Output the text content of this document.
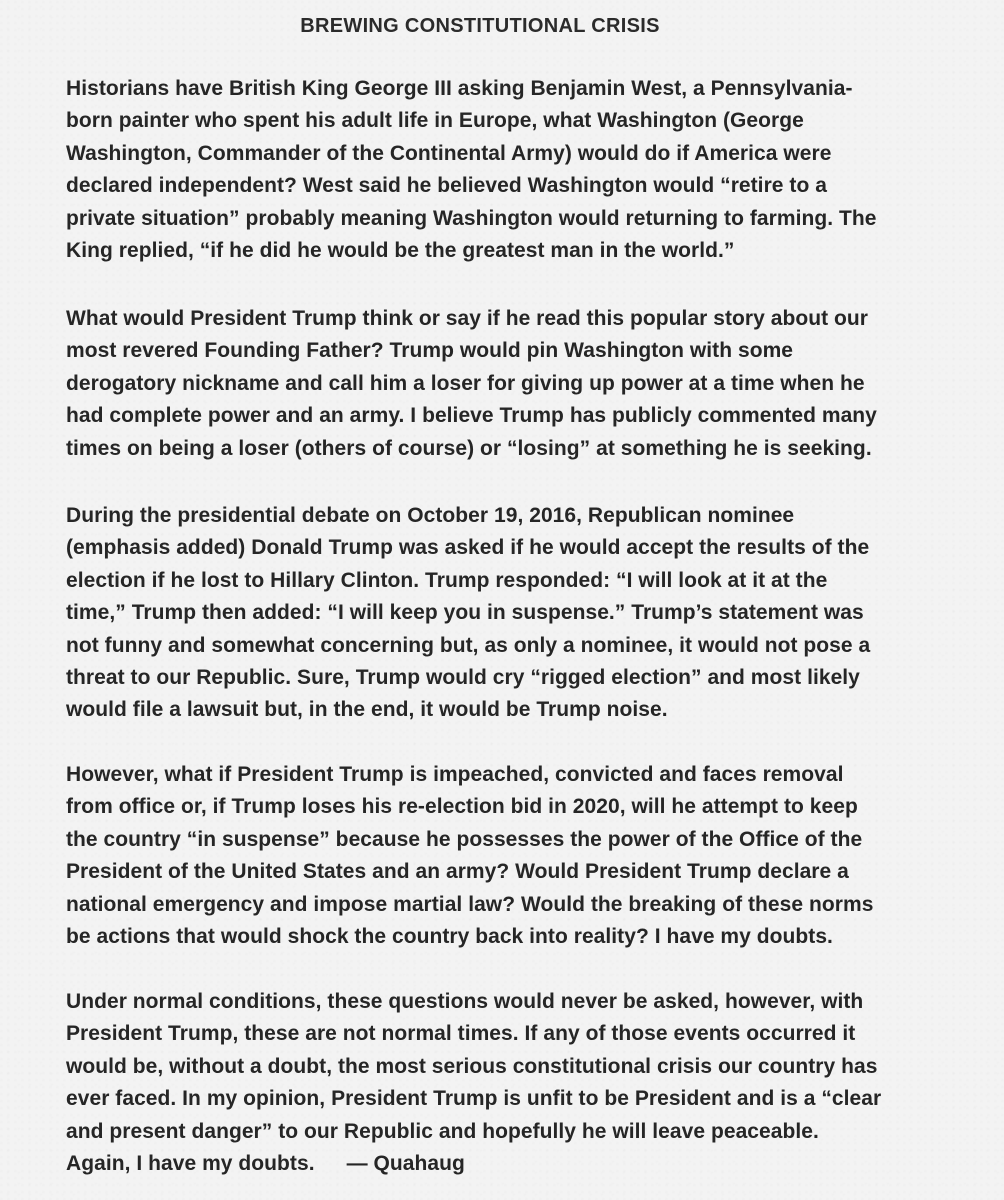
BREWING CONSTITUTIONAL CRISIS

Historians have British King George III asking Benjamin West, a Pennsylvania-
born painter who spent his adult life in Europe, what Washington (George
Washington, Commander of the Continental Army) would do if America were
declared independent? West said he believed Washington would “retire to a
private situation” probably meaning Washington would returning to farming. The
King replied, “if he did he would be the greatest man in the world.”

What would President Trump think or say if he read this popular story about our
most revered Founding Father? Trump would pin Washington with some
derogatory nickname and call him a loser for giving up power at a time when he
had complete power and an army. I believe Trump has publicly commented many
times on being a loser (others of course) or “losing” at something he is seeking.

During the presidential debate on October 19, 2016, Republican nominee
(emphasis added) Donald Trump was asked if he would accept the results of the
election if he lost to Hillary Clinton. Trump responded: “I will look at it at the
time,” Trump then added: “I will keep you in suspense.” Trump’s statement was
not funny and somewhat concerning but, as only a nominee, it would not pose a
threat to our Republic. Sure, Trump would cry “rigged election” and most likely
would file a lawsuit but, in the end, it would be Trump noise.

However, what if President Trump is impeached, convicted and faces removal
from office or, if Trump loses his re-election bid in 2020, will he attempt to keep
the country “in suspense” because he possesses the power of the Office of the
President of the United States and an army? Would President Trump declare a
national emergency and impose martial law? Would the breaking of these norms
be actions that would shock the country back into reality? I have my doubts.

Under normal conditions, these questions would never be asked, however, with
President Trump, these are not normal times. If any of those events occurred it
would be, without a doubt, the most serious constitutional crisis our country has
ever faced. In my opinion, President Trump is unfit to be President and is a “clear
and present danger” to our Republic and hopefully he will leave peaceable.
Again, I have my doubts. — Quahaug
